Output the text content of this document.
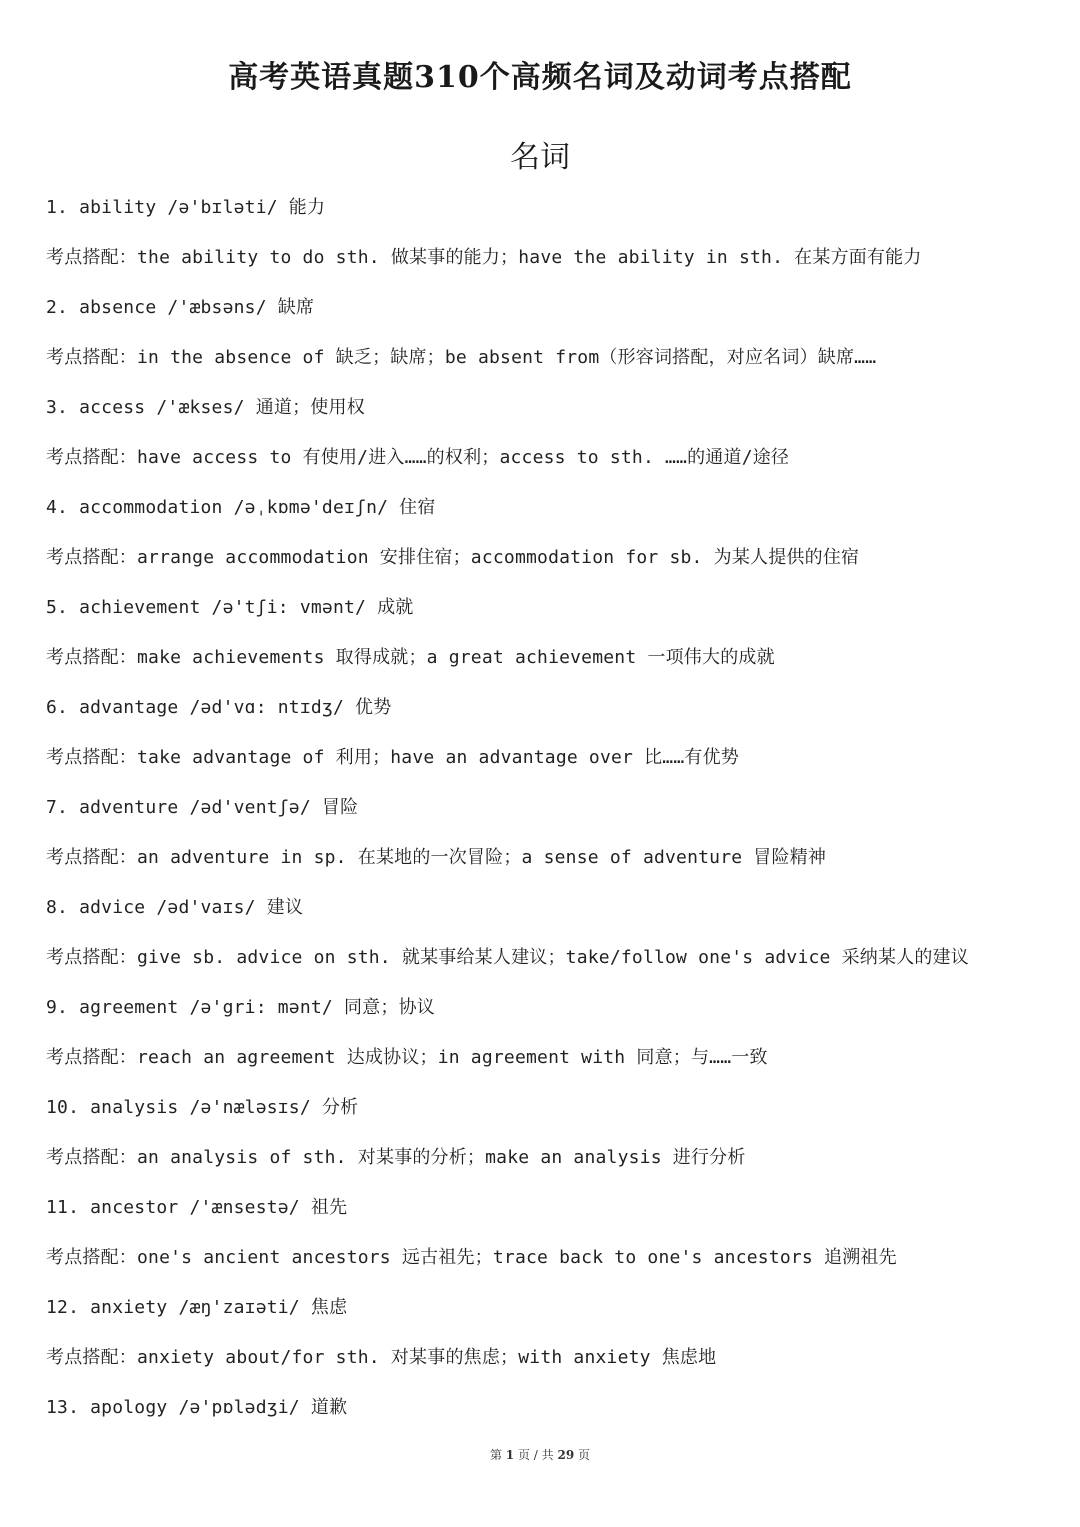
高考英语真题310个高频名词及动词考点搭配
名词
1. ability /ə'bɪləti/ 能力
考点搭配：the ability to do sth. 做某事的能力；have the ability in sth. 在某方面有能力
2. absence /'æbsəns/ 缺席
考点搭配：in the absence of 缺乏；缺席；be absent from（形容词搭配，对应名词）缺席……
3. access /'ækses/ 通道；使用权
考点搭配：have access to 有使用/进入……的权利；access to sth. ……的通道/途径
4. accommodation /əˌkɒmə'deɪʃn/ 住宿
考点搭配：arrange accommodation 安排住宿；accommodation for sb. 为某人提供的住宿
5. achievement /ə'tʃi: vmənt/ 成就
考点搭配：make achievements 取得成就；a great achievement 一项伟大的成就
6. advantage /əd'vɑ: ntɪdʒ/ 优势
考点搭配：take advantage of 利用；have an advantage over 比……有优势
7. adventure /əd'ventʃə/ 冒险
考点搭配：an adventure in sp. 在某地的一次冒险；a sense of adventure 冒险精神
8. advice /əd'vaɪs/ 建议
考点搭配：give sb. advice on sth. 就某事给某人建议；take/follow one's advice 采纳某人的建议
9. agreement /ə'gri: mənt/ 同意；协议
考点搭配：reach an agreement 达成协议；in agreement with 同意；与……一致
10. analysis /ə'næləsɪs/ 分析
考点搭配：an analysis of sth. 对某事的分析；make an analysis 进行分析
11. ancestor /'ænsestə/ 祖先
考点搭配：one's ancient ancestors 远古祖先；trace back to one's ancestors 追溯祖先
12. anxiety /æŋ'zaɪəti/ 焦虑
考点搭配：anxiety about/for sth. 对某事的焦虑；with anxiety 焦虑地
13. apology /ə'pɒlədʒi/ 道歉
第 1 页 / 共 29 页
